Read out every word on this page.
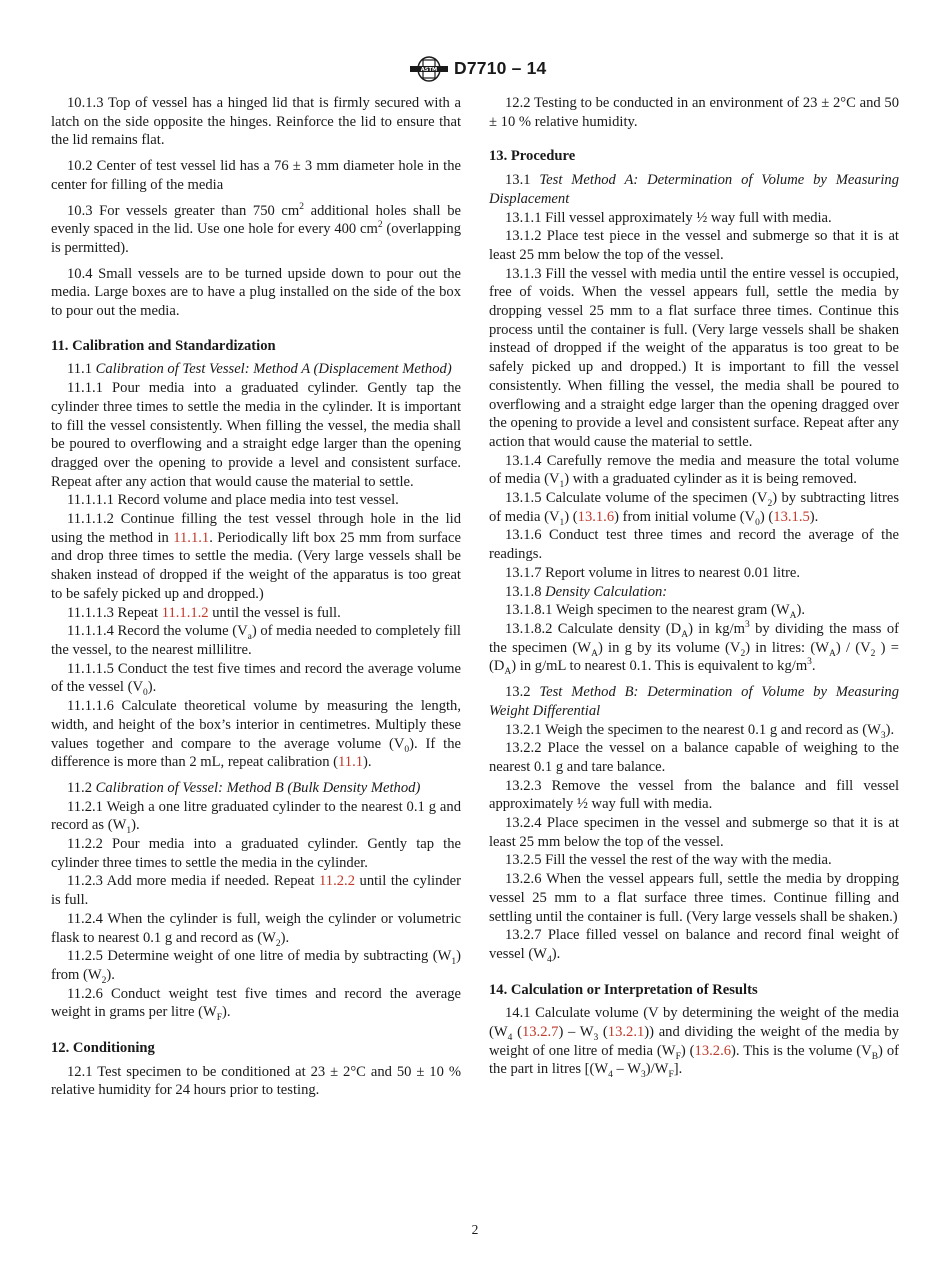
ASTM D7710 – 14

10.1.3 Top of vessel has a hinged lid that is firmly secured with a latch on the side opposite the hinges. Reinforce the lid to ensure that the lid remains flat.

10.2 Center of test vessel lid has a 76 ± 3 mm diameter hole in the center for filling of the media

10.3 For vessels greater than 750 $cm^2$ additional holes shall be evenly spaced in the lid. Use one hole for every 400 $cm^2$ (overlapping is permitted).

10.4 Small vessels are to be turned upside down to pour out the media. Large boxes are to have a plug installed on the side of the box to pour out the media.

11. Calibration and Standardization

11.1 Calibration of Test Vessel: Method A (Displacement Method)

11.1.1 Pour media into a graduated cylinder. Gently tap the cylinder three times to settle the media in the cylinder. It is important to fill the vessel consistently. When filling the vessel, the media shall be poured to overflowing and a straight edge larger than the opening dragged over the opening to provide a level and consistent surface. Repeat after any action that would cause the material to settle.

11.1.1.1 Record volume and place media into test vessel.

11.1.1.2 Continue filling the test vessel through hole in the lid using the method in 11.1.1. Periodically lift box 25 mm from surface and drop three times to settle the media. (Very large vessels shall be shaken instead of dropped if the weight of the apparatus is too great to be safely picked up and dropped.)

11.1.1.3 Repeat 11.1.1.2 until the vessel is full.

11.1.1.4 Record the volume $(V_a)$ of media needed to completely fill the vessel, to the nearest millilitre.

11.1.1.5 Conduct the test five times and record the average volume of the vessel $(V_0)$.

11.1.1.6 Calculate theoretical volume by measuring the length, width, and height of the box’s interior in centimetres. Multiply these values together and compare to the average volume $(V_0)$. If the difference is more than 2 mL, repeat calibration (11.1).

11.2 Calibration of Vessel: Method B (Bulk Density Method)

11.2.1 Weigh a one litre graduated cylinder to the nearest 0.1 g and record as $(W_1)$.

11.2.2 Pour media into a graduated cylinder. Gently tap the cylinder three times to settle the media in the cylinder.

11.2.3 Add more media if needed. Repeat 11.2.2 until the cylinder is full.

11.2.4 When the cylinder is full, weigh the cylinder or volumetric flask to nearest 0.1 g and record as $(W_2)$.

11.2.5 Determine weight of one litre of media by subtracting $(W_1)$ from $(W_2)$.

11.2.6 Conduct weight test five times and record the average weight in grams per litre $(W_F)$.

12. Conditioning

12.1 Test specimen to be conditioned at 23 ± 2°C and 50 ± 10 % relative humidity for 24 hours prior to testing.

12.2 Testing to be conducted in an environment of 23 ± 2°C and 50 ± 10 % relative humidity.

13. Procedure

13.1 Test Method A: Determination of Volume by Measuring Displacement

13.1.1 Fill vessel approximately ½ way full with media.

13.1.2 Place test piece in the vessel and submerge so that it is at least 25 mm below the top of the vessel.

13.1.3 Fill the vessel with media until the entire vessel is occupied, free of voids. When the vessel appears full, settle the media by dropping vessel 25 mm to a flat surface three times. Continue this process until the container is full. (Very large vessels shall be shaken instead of dropped if the weight of the apparatus is too great to be safely picked up and dropped.) It is important to fill the vessel consistently. When filling the vessel, the media shall be poured to overflowing and a straight edge larger than the opening dragged over the opening to provide a level and consistent surface. Repeat after any action that would cause the material to settle.

13.1.4 Carefully remove the media and measure the total volume of media $(V_1)$ with a graduated cylinder as it is being removed.

13.1.5 Calculate volume of the specimen $(V_2)$ by subtracting litres of media $(V_1)$ (13.1.6) from initial volume $(V_0)$ (13.1.5).

13.1.6 Conduct test three times and record the average of the readings.

13.1.7 Report volume in litres to nearest 0.01 litre.

13.1.8 Density Calculation:

13.1.8.1 Weigh specimen to the nearest gram $(W_A)$.

13.1.8.2 Calculate density $(D_A)$ in $kg/m^3$ by dividing the mass of the specimen $(W_A)$ in g by its volume $(V_2)$ in litres: $(W_A) / (V_2$ ) = $(D_A)$ in g/mL to nearest 0.1. This is equivalent to $kg/m^3$.

13.2 Test Method B: Determination of Volume by Measuring Weight Differential

13.2.1 Weigh the specimen to the nearest 0.1 g and record as $(W_3)$.

13.2.2 Place the vessel on a balance capable of weighing to the nearest 0.1 g and tare balance.

13.2.3 Remove the vessel from the balance and fill vessel approximately ½ way full with media.

13.2.4 Place specimen in the vessel and submerge so that it is at least 25 mm below the top of the vessel.

13.2.5 Fill the vessel the rest of the way with the media.

13.2.6 When the vessel appears full, settle the media by dropping vessel 25 mm to a flat surface three times. Continue filling and settling until the container is full. (Very large vessels shall be shaken.)

13.2.7 Place filled vessel on balance and record final weight of vessel $(W_4)$.

14. Calculation or Interpretation of Results

14.1 Calculate volume (V by determining the weight of the media ($W_4$ $(13.2.7) - W_3$ (13.2.1)) and dividing the weight of the media by weight of one litre of media $(W_F)$ (13.2.6). This is the volume $(V_B)$ of the part in litres $[(W_4 - W_3)/W_F]$.

2
